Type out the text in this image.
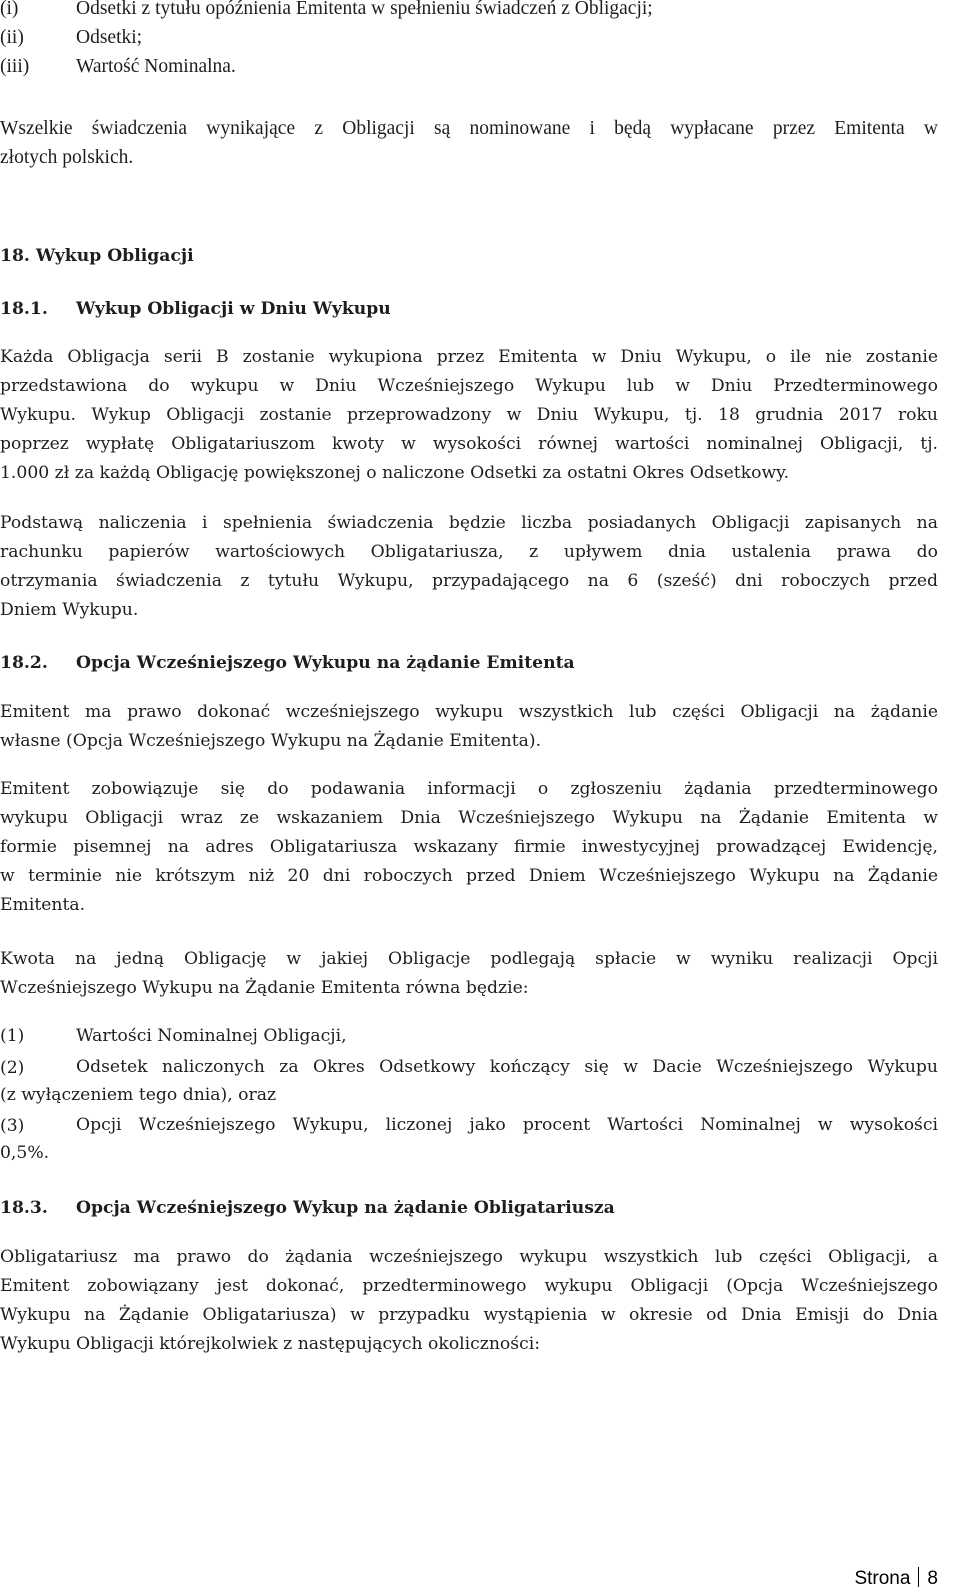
(i)	Odsetki z tytułu opóźnienia Emitenta w spełnieniu świadczeń z Obligacji;
(ii)	Odsetki;
(iii) Wartość Nominalna.
Wszelkie świadczenia wynikające z Obligacji są nominowane i będą wypłacane przez Emitenta w
złotych polskich.
18. Wykup Obligacji
18.1. Wykup Obligacji w Dniu Wykupu
Każda Obligacja serii B zostanie wykupiona przez Emitenta w Dniu Wykupu, o ile nie zostanie
przedstawiona do wykupu w Dniu Wcześniejszego Wykupu lub w Dniu Przedterminowego
Wykupu. Wykup Obligacji zostanie przeprowadzony w Dniu Wykupu, tj. 18 grudnia 2017 roku
poprzez wypłatę Obligatariuszom kwoty w wysokości równej wartości nominalnej Obligacji, tj.
1.000 zł za każdą Obligację powiększonej o naliczone Odsetki za ostatni Okres Odsetkowy.
Podstawą naliczenia i spełnienia świadczenia będzie liczba posiadanych Obligacji zapisanych na
rachunku papierów wartościowych Obligatariusza, z upływem dnia ustalenia prawa do
otrzymania świadczenia z tytułu Wykupu, przypadającego na 6 (sześć) dni roboczych przed
Dniem Wykupu.
18.2. Opcja Wcześniejszego Wykupu na żądanie Emitenta
Emitent ma prawo dokonać wcześniejszego wykupu wszystkich lub części Obligacji na żądanie
własne (Opcja Wcześniejszego Wykupu na Żądanie Emitenta).
Emitent zobowiązuje się do podawania informacji o zgłoszeniu żądania przedterminowego
wykupu Obligacji wraz ze wskazaniem Dnia Wcześniejszego Wykupu na Żądanie Emitenta w
formie pisemnej na adres Obligatariusza wskazany firmie inwestycyjnej prowadzącej Ewidencję,
w terminie nie krótszym niż 20 dni roboczych przed Dniem Wcześniejszego Wykupu na Żądanie
Emitenta.
Kwota na jedną Obligację w jakiej Obligacje podlegają spłacie w wyniku realizacji Opcji
Wcześniejszego Wykupu na Żądanie Emitenta równa będzie:
(1)	Wartości Nominalnej Obligacji,
(2)	Odsetek naliczonych za Okres Odsetkowy kończący się w Dacie Wcześniejszego Wykupu
(z wyłączeniem tego dnia), oraz
(3)	Opcji Wcześniejszego Wykupu, liczonej jako procent Wartości Nominalnej w wysokości
0,5%.
18.3. Opcja Wcześniejszego Wykup na żądanie Obligatariusza
Obligatariusz ma prawo do żądania wcześniejszego wykupu wszystkich lub części Obligacji, a
Emitent zobowiązany jest dokonać, przedterminowego wykupu Obligacji (Opcja Wcześniejszego
Wykupu na Żądanie Obligatariusza) w przypadku wystąpienia w okresie od Dnia Emisji do Dnia
Wykupu Obligacji którejkolwiek z następujących okoliczności:
Strona 8
